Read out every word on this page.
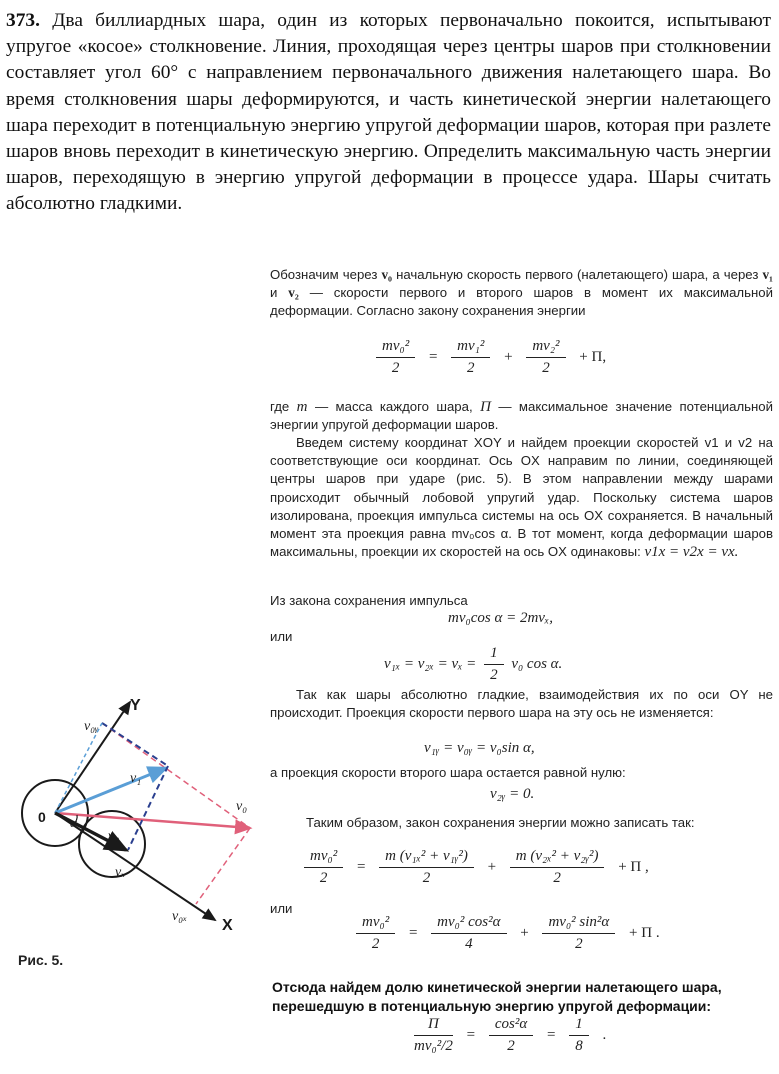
373. Два биллиардных шара, один из которых первоначально покоится, испытывают упругое «косое» столкновение. Линия, проходящая через центры шаров при столкновении составляет угол 60° с направлением первоначального движения налетающего шара. Во время столкновения шары деформируются, и часть кинетической энергии налетающего шара переходит в потенциальную энергию упругой деформации шаров, которая при разлете шаров вновь переходит в кинетическую энергию. Определить максимальную часть энергии шаров, переходящую в энергию упругой деформации в процессе удара. Шары считать абсолютно гладкими.
Обозначим через v₀ начальную скорость первого (налетающего) шара, а через v₁ и v₂ — скорости первого и второго шаров в момент их максимальной деформации. Согласно закону сохранения энергии
$\frac{\text{mv₀²}}{2} = \frac{\text{mv₁²}}{2} + \frac{\text{mv₂²}}{2} + П$,
где m — масса каждого шара, П — максимальное значение потенциальной энергии упругой деформации шаров.
Введем систему координат XOY и найдем проекции скоростей v1 и v2 на соответствующие оси координат. Ось OX направим по линии, соединяющей центры шаров при ударе (рис. 5). В этом направлении между шарами происходит обычный лобовой упругий удар. Поскольку система шаров изолирована, проекция импульса системы на ось OX сохраняется. В начальный момент эта проекция равна mv₀cos α. В тот момент, когда деформации шаров максимальны, проекции их скоростей на ось OX одинаковы: v1x = v2x = vx.
Из закона сохранения импульса
mv₀cos α = 2mvₓ,
или
$v_{1x} = v_{2x} = v_x = \frac{1}{2} v_0$ cos α.
Так как шары абсолютно гладкие, взаимодействия их по оси OY не происходит. Проекция скорости первого шара на эту ось не изменяется:
v₁ᵧ = v₀ᵧ = v₀sin α,
а проекция скорости второго шара остается равной нулю:
v₂ᵧ = 0.
Таким образом, закон сохранения энергии можно записать так:
$\frac{\text{mv₀²}}{2} = \frac{\text{m (v₁ₓ² + v₁ᵧ²)}}{2} + \frac{\text{m (v₂ₓ² + v₂ᵧ²)}}{2} + П$ ,
или
$\frac{\text{mv₀²}}{2} = \frac{\text{mv₀² cos²α}}{4} + \frac{\text{mv₀² sin²α}}{2} + П$ .
Отсюда найдем долю кинетической энергии налетающего шара, перешедшую в потенциальную энергию упругой деформации:
$\frac{П}{\text{mv₀²/2}} = \frac{\text{cos²α}}{2} = \frac{1}{8}$ .
Y
X
0 α
v₀
v₁
v₂
vₓ
v₀ᵧ
v₀ₓ
Рис. 5.
